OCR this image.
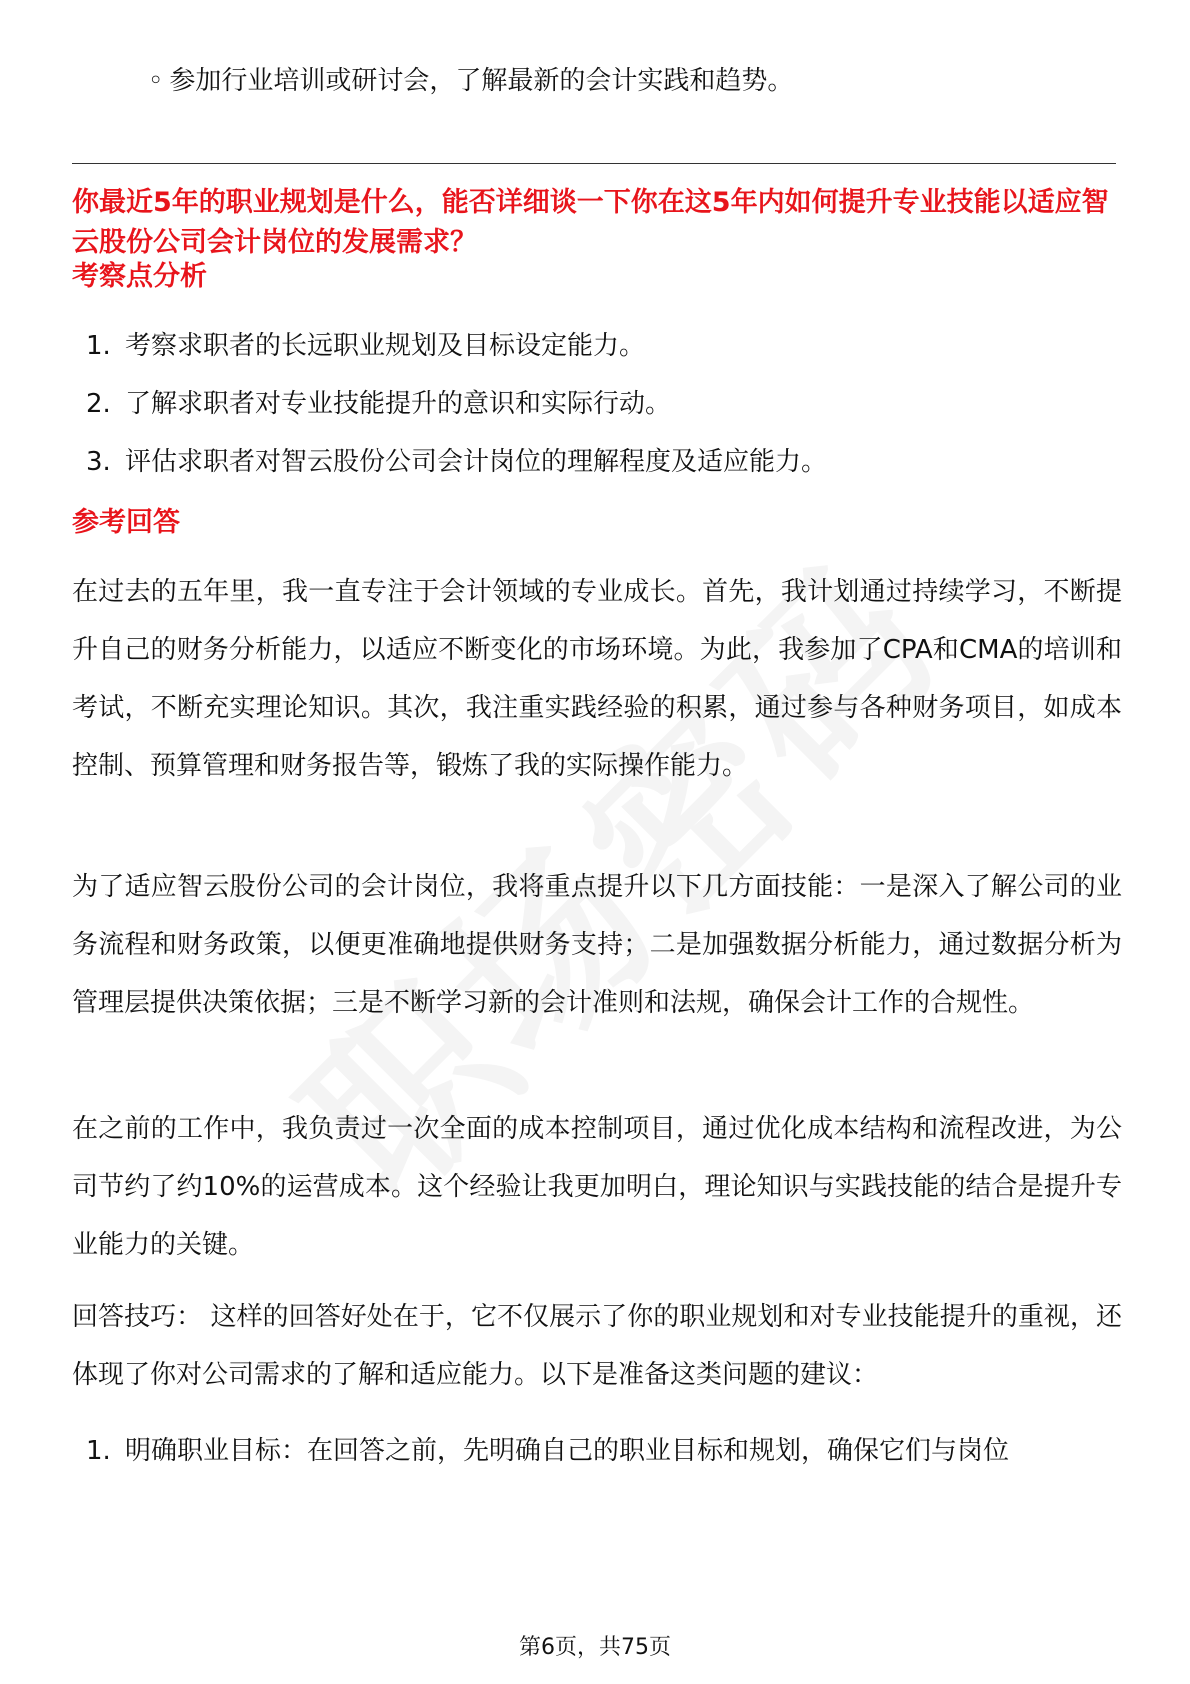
◦ 参加行业培训或研讨会，了解最新的会计实践和趋势。
你最近5年的职业规划是什么，能否详细谈一下你在这5年内如何提升专业技能以适应智云股份公司会计岗位的发展需求？
考察点分析
1. 考察求职者的长远职业规划及目标设定能力。
2. 了解求职者对专业技能提升的意识和实际行动。
3. 评估求职者对智云股份公司会计岗位的理解程度及适应能力。
参考回答

在过去的五年里，我一直专注于会计领域的专业成长。首先，我计划通过持续学习，不断提升自己的财务分析能力，以适应不断变化的市场环境。为此，我参加了CPA和CMA的培训和考试，不断充实理论知识。其次，我注重实践经验的积累，通过参与各种财务项目，如成本控制、预算管理和财务报告等，锻炼了我的实际操作能力。

为了适应智云股份公司的会计岗位，我将重点提升以下几方面技能：一是深入了解公司的业务流程和财务政策，以便更准确地提供财务支持；二是加强数据分析能力，通过数据分析为管理层提供决策依据；三是不断学习新的会计准则和法规，确保会计工作的合规性。

在之前的工作中，我负责过一次全面的成本控制项目，通过优化成本结构和流程改进，为公司节约了约10%的运营成本。这个经验让我更加明白，理论知识与实践技能的结合是提升专业能力的关键。

回答技巧： 这样的回答好处在于，它不仅展示了你的职业规划和对专业技能提升的重视，还体现了你对公司需求的了解和适应能力。以下是准备这类问题的建议：

1. 明确职业目标：在回答之前，先明确自己的职业目标和规划，确保它们与岗位
第6页，共75页
